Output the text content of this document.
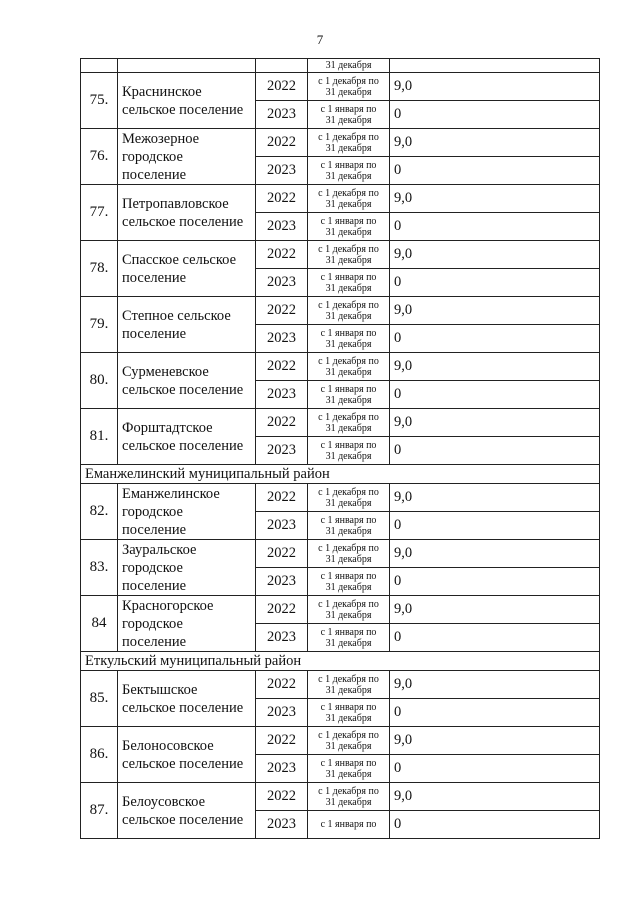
7
			31 декабря	
75.	Краснинское
сельское поселение	2022	с 1 декабря по
31 декабря	9,0
		2023	с 1 января по
31 декабря	0
76.	Межозерное
городское
поселение	2022	с 1 декабря по
31 декабря	9,0
		2023	с 1 января по
31 декабря	0
77.	Петропавловское
сельское поселение	2022	с 1 декабря по
31 декабря	9,0
		2023	с 1 января по
31 декабря	0
78.	Спасское сельское
поселение	2022	с 1 декабря по
31 декабря	9,0
		2023	с 1 января по
31 декабря	0
79.	Степное сельское
поселение	2022	с 1 декабря по
31 декабря	9,0
		2023	с 1 января по
31 декабря	0
80.	Сурменевское
сельское поселение	2022	с 1 декабря по
31 декабря	9,0
		2023	с 1 января по
31 декабря	0
81.	Форштадтское
сельское поселение	2022	с 1 декабря по
31 декабря	9,0
		2023	с 1 января по
31 декабря	0
Еманжелинский муниципальный район				
82.	Еманжелинское
городское
поселение	2022	с 1 декабря по
31 декабря	9,0
		2023	с 1 января по
31 декабря	0
83.	Зауральское
городское
поселение	2022	с 1 декабря по
31 декабря	9,0
		2023	с 1 января по
31 декабря	0
84	Красногорское
городское
поселение	2022	с 1 декабря по
31 декабря	9,0
		2023	с 1 января по
31 декабря	0
Еткульский муниципальный район				
85.	Бектышское
сельское поселение	2022	с 1 декабря по
31 декабря	9,0
		2023	с 1 января по
31 декабря	0
86.	Белоносовское
сельское поселение	2022	с 1 декабря по
31 декабря	9,0
		2023	с 1 января по
31 декабря	0
87.	Белоусовское
сельское поселение	2022	с 1 декабря по
31 декабря	9,0
		2023	с 1 января по	0
